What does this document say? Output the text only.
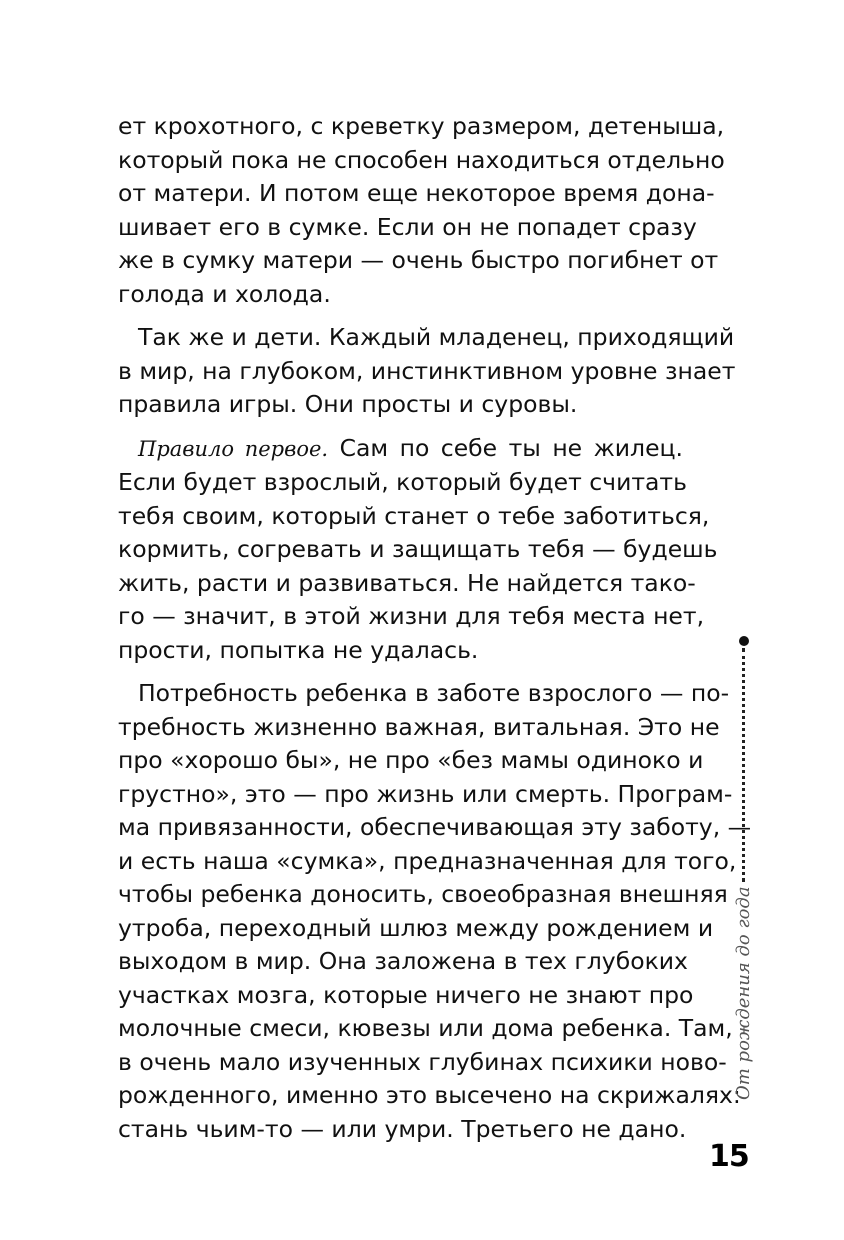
ет крохотного, с креветку размером, детеныша,
который пока не способен находиться отдельно
от матери. И потом еще некоторое время дона-
шивает его в сумке. Если он не попадет сразу
же в сумку матери — очень быстро погибнет от
голода и холода.
Так же и дети. Каждый младенец, приходящий
в мир, на глубоком, инстинктивном уровне знает
правила игры. Они просты и суровы.
Правило первое. Сам по себе ты не жилец.
Если будет взрослый, который будет считать
тебя своим, который станет о тебе заботиться,
кормить, согревать и защищать тебя — будешь
жить, расти и развиваться. Не найдется тако-
го — значит, в этой жизни для тебя места нет,
прости, попытка не удалась.
Потребность ребенка в заботе взрослого — по-
требность жизненно важная, витальная. Это не
про «хорошо бы», не про «без мамы одиноко и
грустно», это — про жизнь или смерть. Програм-
ма привязанности, обеспечивающая эту заботу, —
и есть наша «сумка», предназначенная для того,
чтобы ребенка доносить, своеобразная внешняя
утроба, переходный шлюз между рождением и
выходом в мир. Она заложена в тех глубоких
участках мозга, которые ничего не знают про
молочные смеси, кювезы или дома ребенка. Там,
в очень мало изученных глубинах психики ново-
рожденного, именно это высечено на скрижалях:
стань чьим-то — или умри. Третьего не дано.
От рождения до года
15
